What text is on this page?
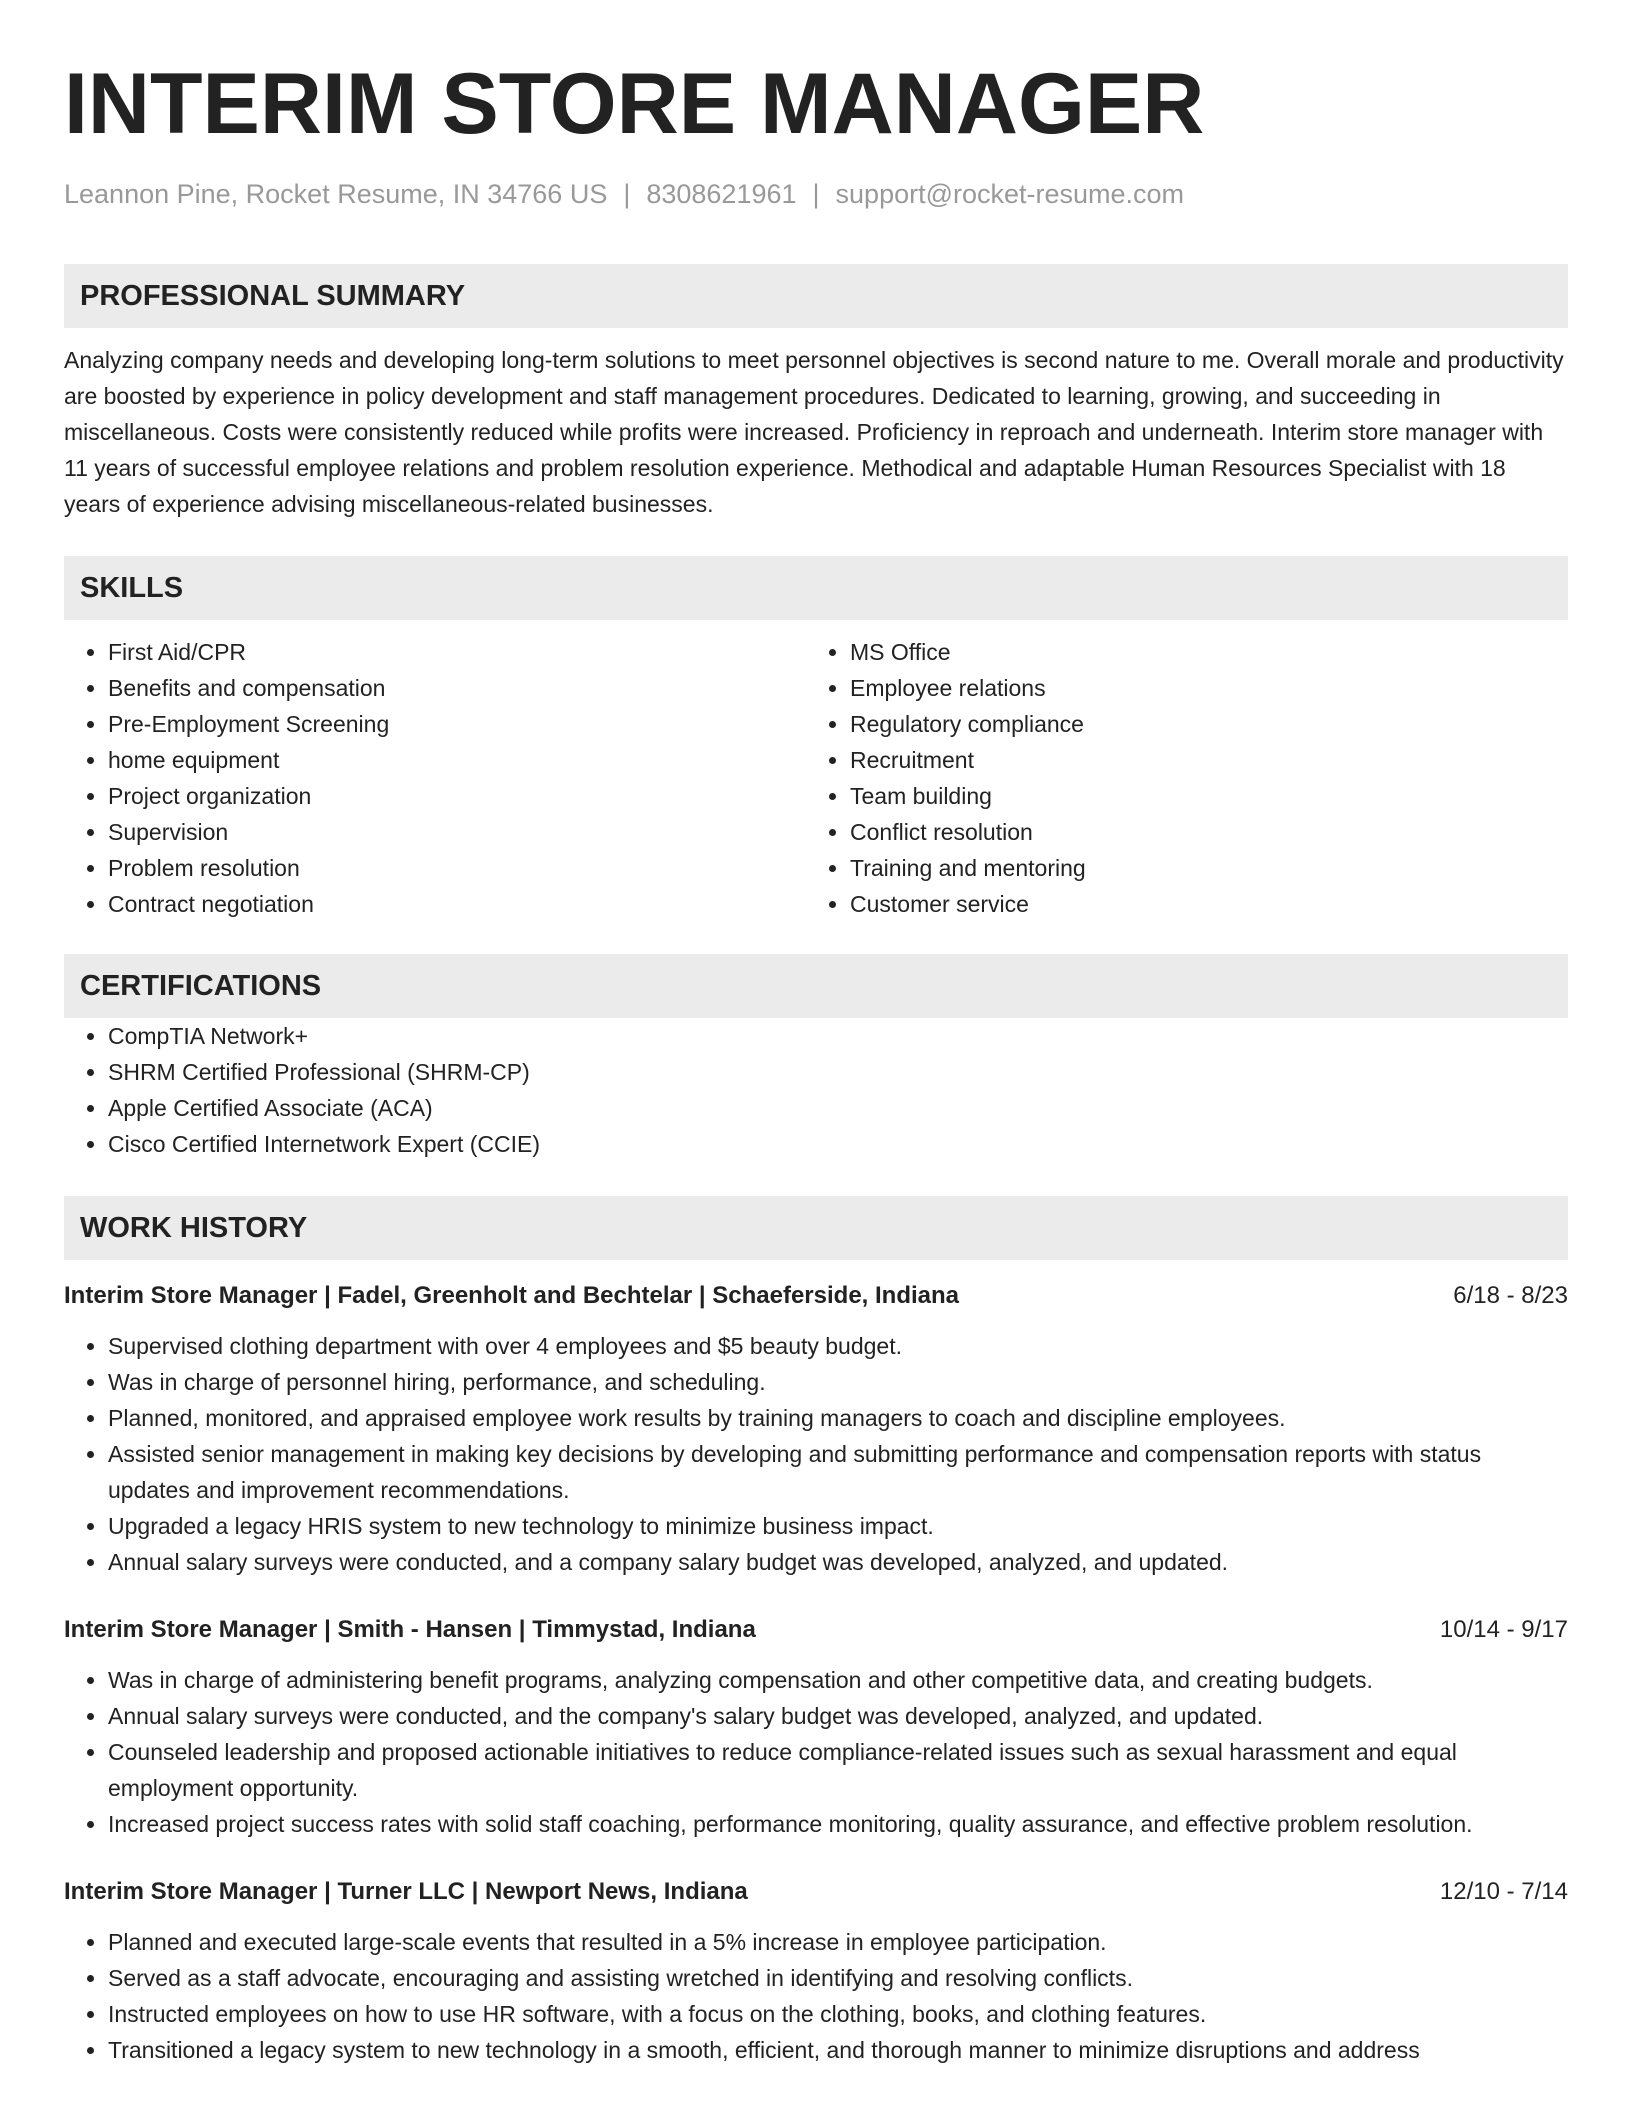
INTERIM STORE MANAGER
Leannon Pine, Rocket Resume, IN 34766 US | 8308621961 | support@rocket-resume.com
PROFESSIONAL SUMMARY

Analyzing company needs and developing long-term solutions to meet personnel objectives is second nature to me. Overall morale and productivity are boosted by experience in policy development and staff management procedures. Dedicated to learning, growing, and succeeding in miscellaneous. Costs were consistently reduced while profits were increased. Proficiency in reproach and underneath. Interim store manager with 11 years of successful employee relations and problem resolution experience. Methodical and adaptable Human Resources Specialist with 18 years of experience advising miscellaneous-related businesses.

SKILLS
• First Aid/CPR
• Benefits and compensation
• Pre-Employment Screening
• home equipment
• Project organization
• Supervision
• Problem resolution
• Contract negotiation
• MS Office
• Employee relations
• Regulatory compliance
• Recruitment
• Team building
• Conflict resolution
• Training and mentoring
• Customer service
CERTIFICATIONS
• CompTIA Network+
• SHRM Certified Professional (SHRM-CP)
• Apple Certified Associate (ACA)
• Cisco Certified Internetwork Expert (CCIE)
WORK HISTORY
Interim Store Manager | Fadel, Greenholt and Bechtelar | Schaeferside, Indiana	6/18 - 8/23
• Supervised clothing department with over 4 employees and $5 beauty budget.
• Was in charge of personnel hiring, performance, and scheduling.
• Planned, monitored, and appraised employee work results by training managers to coach and discipline employees.
• Assisted senior management in making key decisions by developing and submitting performance and compensation reports with status updates and improvement recommendations.
• Upgraded a legacy HRIS system to new technology to minimize business impact.
• Annual salary surveys were conducted, and a company salary budget was developed, analyzed, and updated.
Interim Store Manager | Smith - Hansen | Timmystad, Indiana	10/14 - 9/17
• Was in charge of administering benefit programs, analyzing compensation and other competitive data, and creating budgets.
• Annual salary surveys were conducted, and the company's salary budget was developed, analyzed, and updated.
• Counseled leadership and proposed actionable initiatives to reduce compliance-related issues such as sexual harassment and equal employment opportunity.
• Increased project success rates with solid staff coaching, performance monitoring, quality assurance, and effective problem resolution.
Interim Store Manager | Turner LLC | Newport News, Indiana	12/10 - 7/14
• Planned and executed large-scale events that resulted in a 5% increase in employee participation.
• Served as a staff advocate, encouraging and assisting wretched in identifying and resolving conflicts.
• Instructed employees on how to use HR software, with a focus on the clothing, books, and clothing features.
• Transitioned a legacy system to new technology in a smooth, efficient, and thorough manner to minimize disruptions and address
